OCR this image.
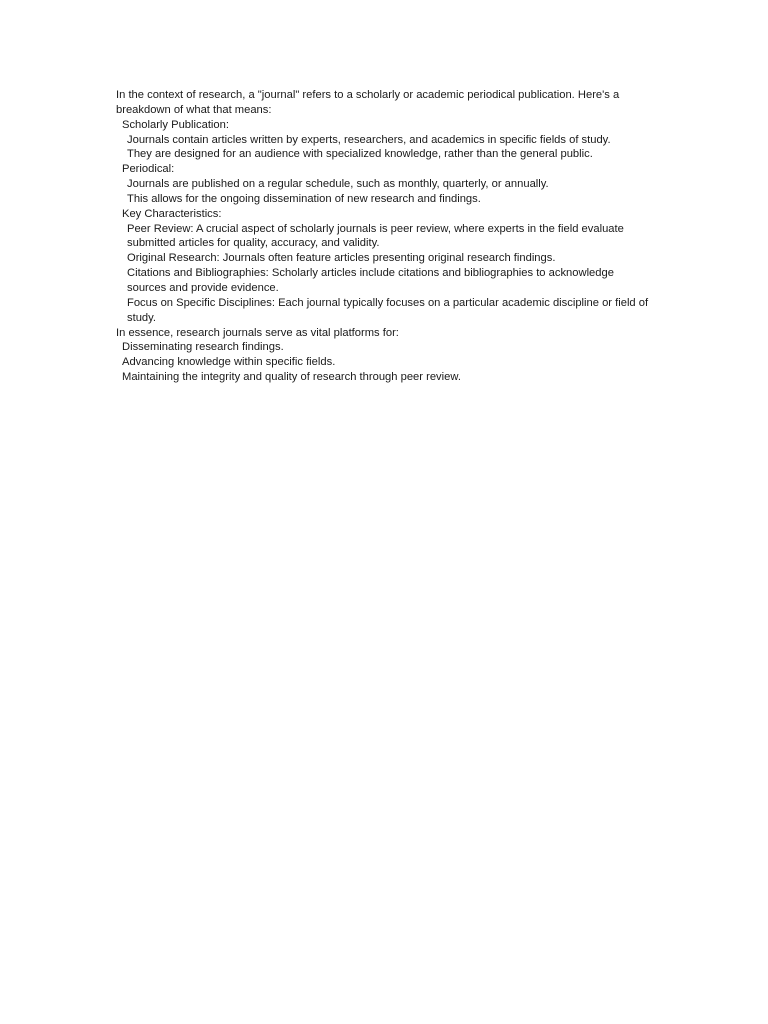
In the context of research, a "journal" refers to a scholarly or academic periodical publication. Here's a breakdown of what that means:
Scholarly Publication:
Journals contain articles written by experts, researchers, and academics in specific fields of study.
They are designed for an audience with specialized knowledge, rather than the general public.
Periodical:
Journals are published on a regular schedule, such as monthly, quarterly, or annually.
This allows for the ongoing dissemination of new research and findings.
Key Characteristics:
Peer Review: A crucial aspect of scholarly journals is peer review, where experts in the field evaluate submitted articles for quality, accuracy, and validity.
Original Research: Journals often feature articles presenting original research findings.
Citations and Bibliographies: Scholarly articles include citations and bibliographies to acknowledge sources and provide evidence.
Focus on Specific Disciplines: Each journal typically focuses on a particular academic discipline or field of study.
In essence, research journals serve as vital platforms for:
Disseminating research findings.
Advancing knowledge within specific fields.
Maintaining the integrity and quality of research through peer review.
